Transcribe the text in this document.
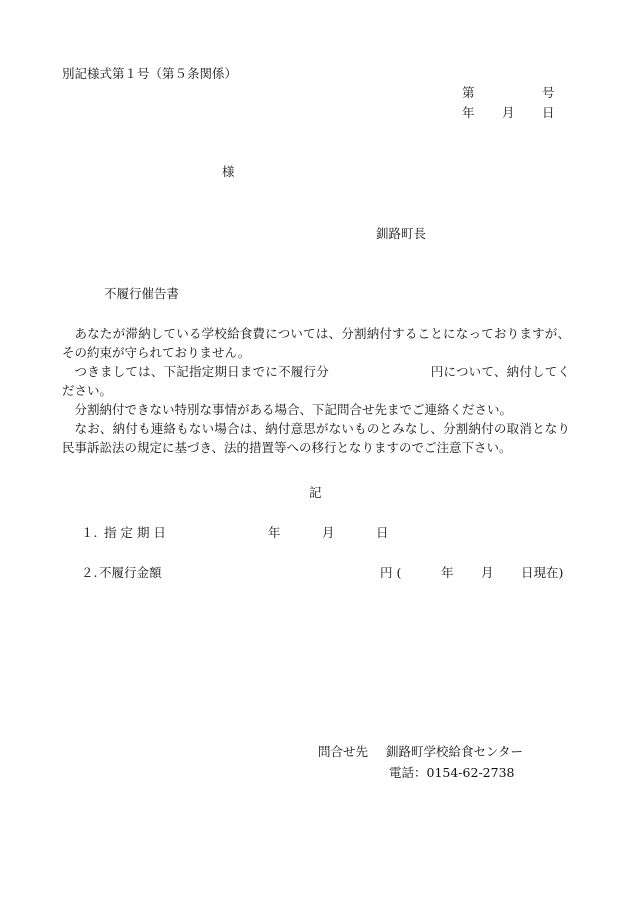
別記様式第１号（第５条関係）
第	号
年 月 日
様
釧路町長
不履行催告書

あなたが滞納している学校給食費については、分割納付することになっておりますが、その約束が守られておりません。

つきましては、下記指定期日までに不履行分　　　　　　　　円について、納付してください。

分割納付できない特別な事情がある場合、下記問合せ先までご連絡ください。

なお、納付も連絡もない場合は、納付意思がないものとみなし、分割納付の取消となり民事訴訟法の規定に基づき、法的措置等への移行となりますのでご注意下さい。

記
１. 指 定 期 日	年	月	日
２. 不履行金額	円 (	年 月 日現在)
問合せ先 釧路町学校給食センター
電話：0154-62-2738
